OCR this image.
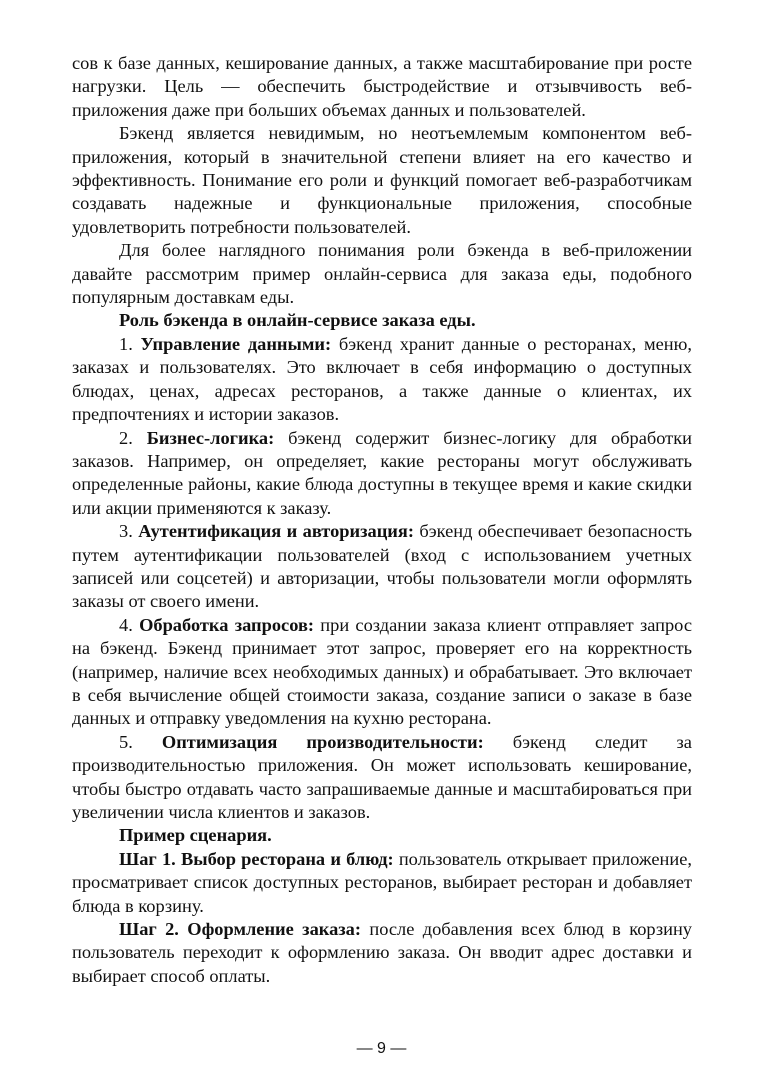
сов к базе данных, кеширование данных, а также масштабирование при росте нагрузки. Цель — обеспечить быстродействие и отзывчивость веб-приложения даже при больших объемах данных и пользователей.

Бэкенд является невидимым, но неотъемлемым компонентом веб-приложения, который в значительной степени влияет на его качество и эффективность. Понимание его роли и функций помогает веб-разработчикам создавать надежные и функциональные приложения, способные удовлетворить потребности пользователей.

Для более наглядного понимания роли бэкенда в веб-приложении давайте рассмотрим пример онлайн-сервиса для заказа еды, подобного популярным доставкам еды.

Роль бэкенда в онлайн-сервисе заказа еды.

1. Управление данными: бэкенд хранит данные о ресторанах, меню, заказах и пользователях. Это включает в себя информацию о доступных блюдах, ценах, адресах ресторанов, а также данные о клиентах, их предпочтениях и истории заказов.

2. Бизнес-логика: бэкенд содержит бизнес-логику для обработки заказов. Например, он определяет, какие рестораны могут обслуживать определенные районы, какие блюда доступны в текущее время и какие скидки или акции применяются к заказу.

3. Аутентификация и авторизация: бэкенд обеспечивает безопасность путем аутентификации пользователей (вход с использованием учетных записей или соцсетей) и авторизации, чтобы пользователи могли оформлять заказы от своего имени.

4. Обработка запросов: при создании заказа клиент отправляет запрос на бэкенд. Бэкенд принимает этот запрос, проверяет его на корректность (например, наличие всех необходимых данных) и обрабатывает. Это включает в себя вычисление общей стоимости заказа, создание записи о заказе в базе данных и отправку уведомления на кухню ресторана.

5. Оптимизация производительности: бэкенд следит за производительностью приложения. Он может использовать кеширование, чтобы быстро отдавать часто запрашиваемые данные и масштабироваться при увеличении числа клиентов и заказов.

Пример сценария.

Шаг 1. Выбор ресторана и блюд: пользователь открывает приложение, просматривает список доступных ресторанов, выбирает ресторан и добавляет блюда в корзину.

Шаг 2. Оформление заказа: после добавления всех блюд в корзину пользователь переходит к оформлению заказа. Он вводит адрес доставки и выбирает способ оплаты.

— 9 —
